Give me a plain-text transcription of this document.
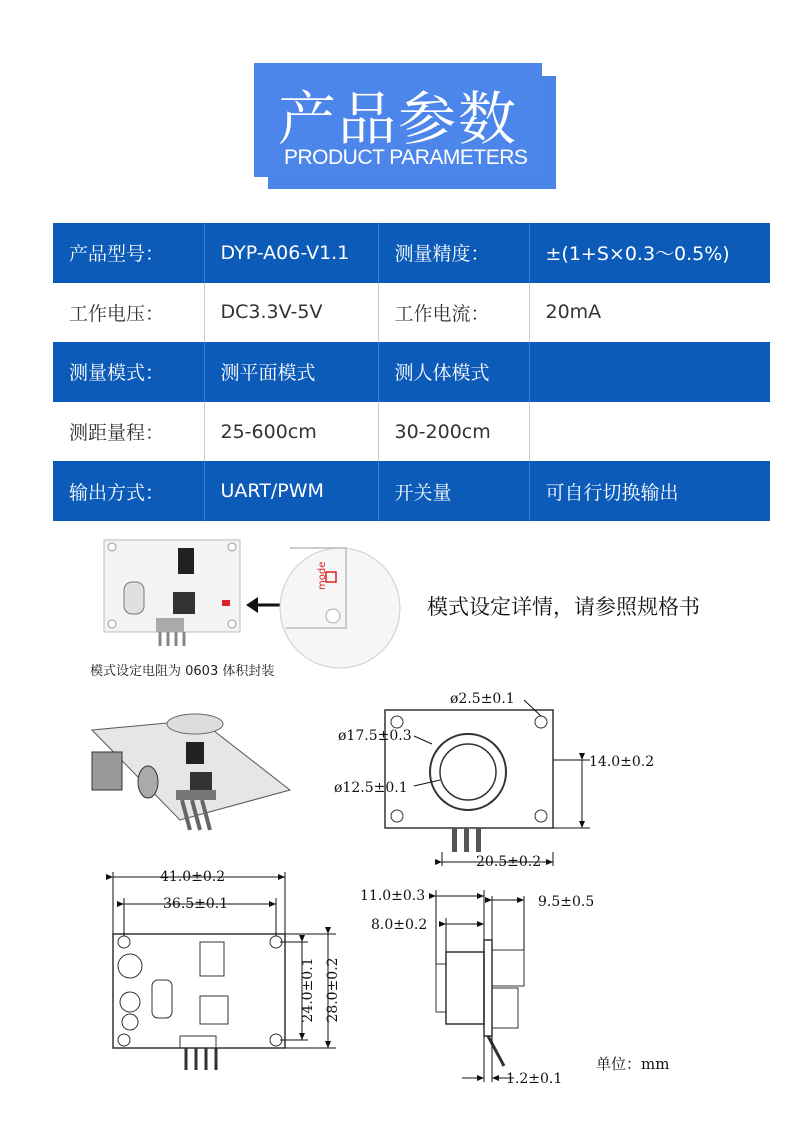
产品参数
PRODUCT PARAMETERS
产品型号：	DYP-A06-V1.1	测量精度：	±(1+S×0.3～0.5%)
工作电压：	DC3.3V-5V	工作电流：	20mA
测量模式：	测平面模式	测人体模式	
测距量程：	25-600cm	30-200cm	
输出方式：	UART/PWM	开关量	可自行切换输出
mode
ø2.5±0.1
ø17.5±0.3
ø12.5±0.1
14.0±0.2
20.5±0.2
41.0±0.2
36.5±0.1
24.0±0.1 28.0±0.2
11.0±0.3
8.0±0.2
9.5±0.5
1.2±0.1
模式设定详情，请参照规格书
模式设定电阻为 0603 体积封装
单位：mm
